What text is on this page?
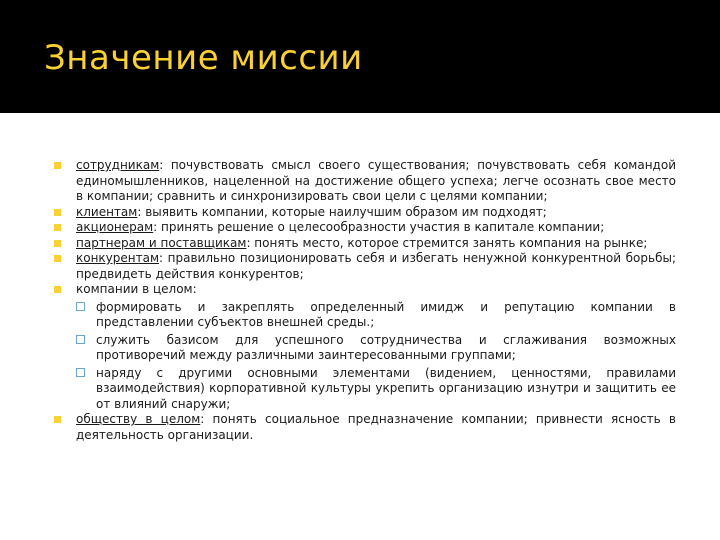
Значение миссии

сотрудникам: почувствовать смысл своего существования; почувствовать себя командой единомышленников, нацеленной на достижение общего успеха; легче осознать свое место в компании; сравнить и синхронизировать свои цели с целями компании;

клиентам: выявить компании, которые наилучшим образом им подходят;

акционерам: принять решение о целесообразности участия в капитале компании;

партнерам и поставщикам: понять место, которое стремится занять компания на рынке;

конкурентам: правильно позиционировать себя и избегать ненужной конкурентной борьбы; предвидеть действия конкурентов;

компании в целом:

формировать и закреплять определенный имидж и репутацию компании в представлении субъектов внешней среды.;

служить базисом для успешного сотрудничества и сглаживания возможных противоречий между различными заинтересованными группами;

наряду с другими основными элементами (видением, ценностями, правилами взаимодействия) корпоративной культуры укрепить организацию изнутри и защитить ее от влияний снаружи;

обществу в целом: понять социальное предназначение компании; привнести ясность в деятельность организации.
